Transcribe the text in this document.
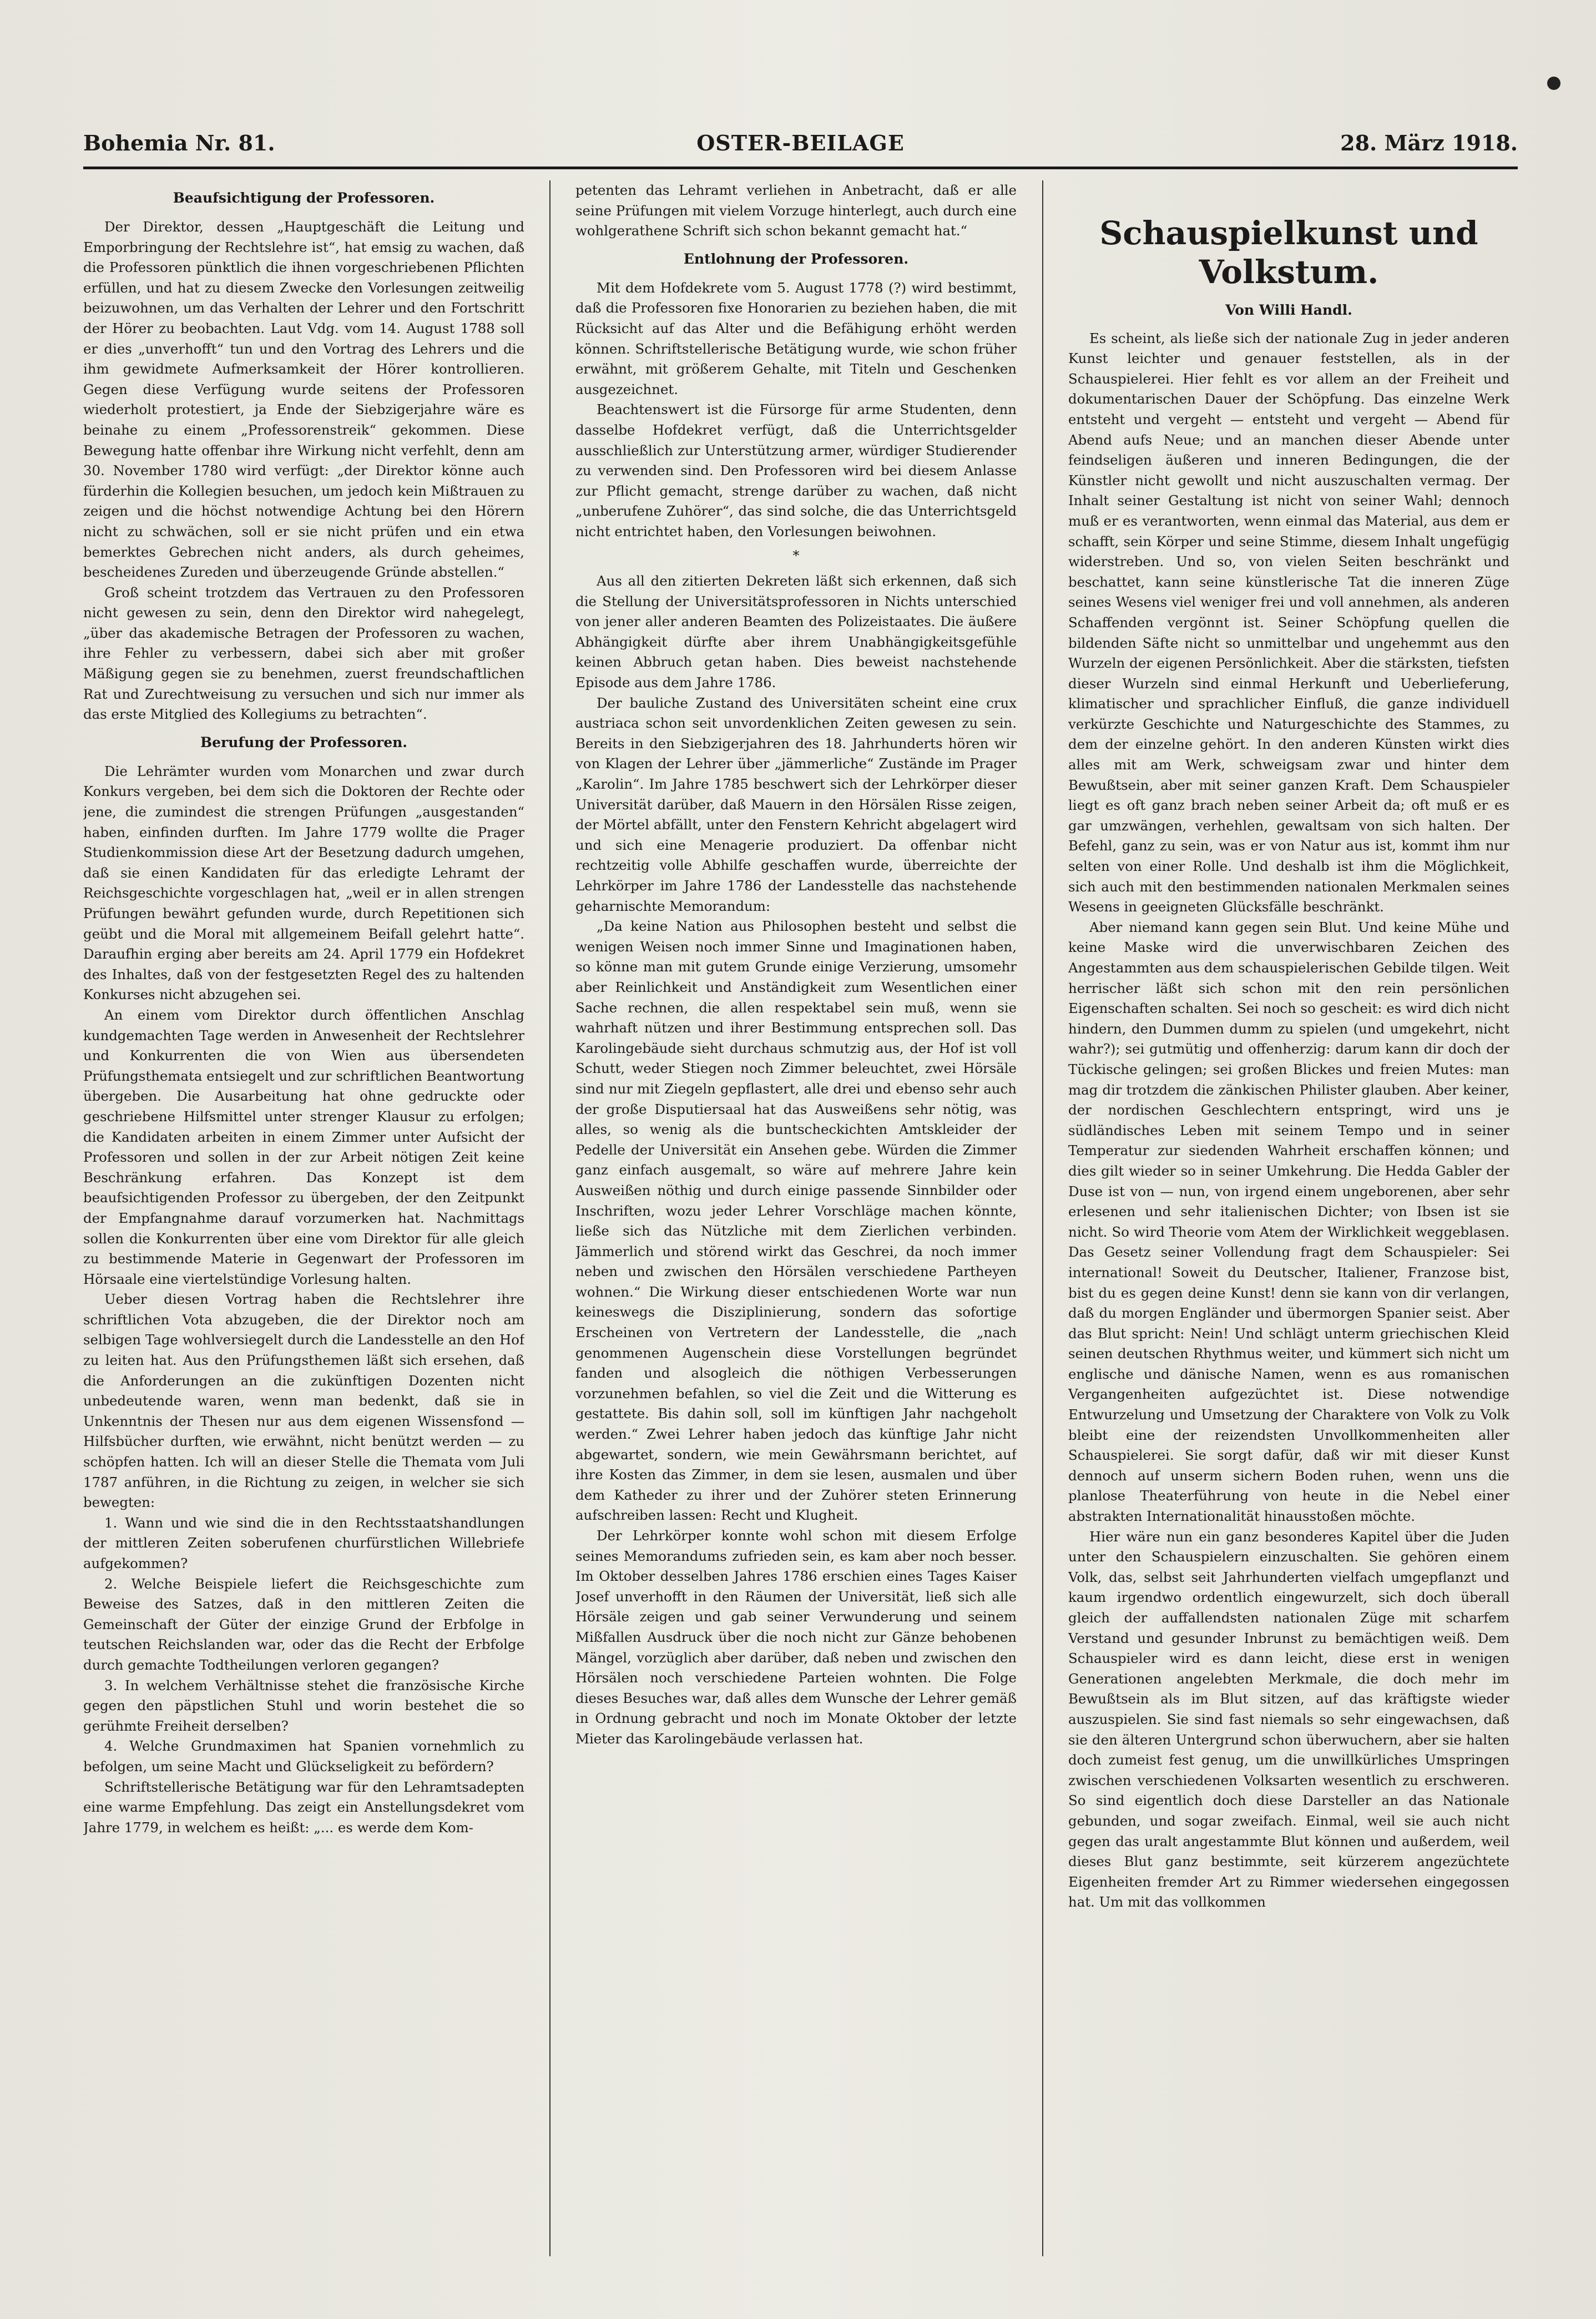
Bohemia Nr. 81.	OSTER-BEILAGE	28. März 1918.
Beaufsichtigung der Professoren.

Der Direktor, dessen „Hauptgeschäft die Leitung und Emporbringung der Rechtslehre ist“, hat emsig zu wachen, daß die Professoren pünktlich die ihnen vorgeschriebenen Pflichten erfüllen, und hat zu diesem Zwecke den Vorlesungen zeitweilig beizuwohnen, um das Verhalten der Lehrer und den Fortschritt der Hörer zu beobachten. Laut Vdg. vom 14. August 1788 soll er dies „unverhofft“ tun und den Vortrag des Lehrers und die ihm gewidmete Aufmerksamkeit der Hörer kontrollieren. Gegen diese Verfügung wurde seitens der Professoren wiederholt protestiert, ja Ende der Siebzigerjahre wäre es beinahe zu einem „Professorenstreik“ gekommen. Diese Bewegung hatte offenbar ihre Wirkung nicht verfehlt, denn am 30. November 1780 wird verfügt: „der Direktor könne auch fürderhin die Kollegien besuchen, um jedoch kein Mißtrauen zu zeigen und die höchst notwendige Achtung bei den Hörern nicht zu schwächen, soll er sie nicht prüfen und ein etwa bemerktes Gebrechen nicht anders, als durch geheimes, bescheidenes Zureden und überzeugende Gründe abstellen.“

Groß scheint trotzdem das Vertrauen zu den Professoren nicht gewesen zu sein, denn den Direktor wird nahegelegt, „über das akademische Betragen der Professoren zu wachen, ihre Fehler zu verbessern, dabei sich aber mit großer Mäßigung gegen sie zu benehmen, zuerst freundschaftlichen Rat und Zurechtweisung zu versuchen und sich nur immer als das erste Mitglied des Kollegiums zu betrachten“.

Berufung der Professoren.

Die Lehrämter wurden vom Monarchen und zwar durch Konkurs vergeben, bei dem sich die Doktoren der Rechte oder jene, die zumindest die strengen Prüfungen „ausgestanden“ haben, einfinden durften. Im Jahre 1779 wollte die Prager Studienkommission diese Art der Besetzung dadurch umgehen, daß sie einen Kandidaten für das erledigte Lehramt der Reichsgeschichte vorgeschlagen hat, „weil er in allen strengen Prüfungen bewährt gefunden wurde, durch Repetitionen sich geübt und die Moral mit allgemeinem Beifall gelehrt hatte“. Daraufhin erging aber bereits am 24. April 1779 ein Hofdekret des Inhaltes, daß von der festgesetzten Regel des zu haltenden Konkurses nicht abzugehen sei.

An einem vom Direktor durch öffentlichen Anschlag kundgemachten Tage werden in Anwesenheit der Rechtslehrer und Konkurrenten die von Wien aus übersendeten Prüfungsthemata entsiegelt und zur schriftlichen Beantwortung übergeben. Die Ausarbeitung hat ohne gedruckte oder geschriebene Hilfsmittel unter strenger Klausur zu erfolgen; die Kandidaten arbeiten in einem Zimmer unter Aufsicht der Professoren und sollen in der zur Arbeit nötigen Zeit keine Beschränkung erfahren. Das Konzept ist dem beaufsichtigenden Professor zu übergeben, der den Zeitpunkt der Empfangnahme darauf vorzumerken hat. Nachmittags sollen die Konkurrenten über eine vom Direktor für alle gleich zu bestimmende Materie in Gegenwart der Professoren im Hörsaale eine viertelstündige Vorlesung halten.

Ueber diesen Vortrag haben die Rechtslehrer ihre schriftlichen Vota abzugeben, die der Direktor noch am selbigen Tage wohlversiegelt durch die Landesstelle an den Hof zu leiten hat. Aus den Prüfungsthemen läßt sich ersehen, daß die Anforderungen an die zukünftigen Dozenten nicht unbedeutende waren, wenn man bedenkt, daß sie in Unkenntnis der Thesen nur aus dem eigenen Wissensfond — Hilfsbücher durften, wie erwähnt, nicht benützt werden — zu schöpfen hatten. Ich will an dieser Stelle die Themata vom Juli 1787 anführen, in die Richtung zu zeigen, in welcher sie sich bewegten:

1. Wann und wie sind die in den Rechtsstaatshandlungen der mittleren Zeiten soberufenen churfürstlichen Willebriefe aufgekommen?

2. Welche Beispiele liefert die Reichsgeschichte zum Beweise des Satzes, daß in den mittleren Zeiten die Gemeinschaft der Güter der einzige Grund der Erbfolge in teutschen Reichslanden war, oder das die Recht der Erbfolge durch gemachte Todtheilungen verloren gegangen?

3. In welchem Verhältnisse stehet die französische Kirche gegen den päpstlichen Stuhl und worin bestehet die so gerühmte Freiheit derselben?

4. Welche Grundmaximen hat Spanien vornehmlich zu befolgen, um seine Macht und Glückseligkeit zu befördern?

Schriftstellerische Betätigung war für den Lehramtsadepten eine warme Empfehlung. Das zeigt ein Anstellungsdekret vom Jahre 1779, in welchem es heißt: „... es werde dem Kom-

petenten das Lehramt verliehen in Anbetracht, daß er alle seine Prüfungen mit vielem Vorzuge hinterlegt, auch durch eine wohlgerathene Schrift sich schon bekannt gemacht hat.“

Entlohnung der Professoren.

Mit dem Hofdekrete vom 5. August 1778 (?) wird bestimmt, daß die Professoren fixe Honorarien zu beziehen haben, die mit Rücksicht auf das Alter und die Befähigung erhöht werden können. Schriftstellerische Betätigung wurde, wie schon früher erwähnt, mit größerem Gehalte, mit Titeln und Geschenken ausgezeichnet.

Beachtenswert ist die Fürsorge für arme Studenten, denn dasselbe Hofdekret verfügt, daß die Unterrichtsgelder ausschließlich zur Unterstützung armer, würdiger Studierender zu verwenden sind. Den Professoren wird bei diesem Anlasse zur Pflicht gemacht, strenge darüber zu wachen, daß nicht „unberufene Zuhörer“, das sind solche, die das Unterrichtsgeld nicht entrichtet haben, den Vorlesungen beiwohnen.

*

Aus all den zitierten Dekreten läßt sich erkennen, daß sich die Stellung der Universitätsprofessoren in Nichts unterschied von jener aller anderen Beamten des Polizeistaates. Die äußere Abhängigkeit dürfte aber ihrem Unabhängigkeitsgefühle keinen Abbruch getan haben. Dies beweist nachstehende Episode aus dem Jahre 1786.

Der bauliche Zustand des Universitäten scheint eine crux austriaca schon seit unvordenklichen Zeiten gewesen zu sein. Bereits in den Siebzigerjahren des 18. Jahrhunderts hören wir von Klagen der Lehrer über „jämmerliche“ Zustände im Prager „Karolin“. Im Jahre 1785 beschwert sich der Lehrkörper dieser Universität darüber, daß Mauern in den Hörsälen Risse zeigen, der Mörtel abfällt, unter den Fenstern Kehricht abgelagert wird und sich eine Menagerie produziert. Da offenbar nicht rechtzeitig volle Abhilfe geschaffen wurde, überreichte der Lehrkörper im Jahre 1786 der Landesstelle das nachstehende geharnischte Memorandum:

„Da keine Nation aus Philosophen besteht und selbst die wenigen Weisen noch immer Sinne und Imaginationen haben, so könne man mit gutem Grunde einige Verzierung, umsomehr aber Reinlichkeit und Anständigkeit zum Wesentlichen einer Sache rechnen, die allen respektabel sein muß, wenn sie wahrhaft nützen und ihrer Bestimmung entsprechen soll. Das Karolingebäude sieht durchaus schmutzig aus, der Hof ist voll Schutt, weder Stiegen noch Zimmer beleuchtet, zwei Hörsäle sind nur mit Ziegeln gepflastert, alle drei und ebenso sehr auch der große Disputiersaal hat das Ausweißens sehr nötig, was alles, so wenig als die buntscheckichten Amtskleider der Pedelle der Universität ein Ansehen gebe. Würden die Zimmer ganz einfach ausgemalt, so wäre auf mehrere Jahre kein Ausweißen nöthig und durch einige passende Sinnbilder oder Inschriften, wozu jeder Lehrer Vorschläge machen könnte, ließe sich das Nützliche mit dem Zierlichen verbinden. Jämmerlich und störend wirkt das Geschrei, da noch immer neben und zwischen den Hörsälen verschiedene Partheyen wohnen.“ Die Wirkung dieser entschiedenen Worte war nun keineswegs die Disziplinierung, sondern das sofortige Erscheinen von Vertretern der Landesstelle, die „nach genommenen Augenschein diese Vorstellungen begründet fanden und alsogleich die nöthigen Verbesserungen vorzunehmen befahlen, so viel die Zeit und die Witterung es gestattete. Bis dahin soll, soll im künftigen Jahr nachgeholt werden.“ Zwei Lehrer haben jedoch das künftige Jahr nicht abgewartet, sondern, wie mein Gewährsmann berichtet, auf ihre Kosten das Zimmer, in dem sie lesen, ausmalen und über dem Katheder zu ihrer und der Zuhörer steten Erinnerung aufschreiben lassen: Recht und Klugheit.

Der Lehrkörper konnte wohl schon mit diesem Erfolge seines Memorandums zufrieden sein, es kam aber noch besser. Im Oktober desselben Jahres 1786 erschien eines Tages Kaiser Josef unverhofft in den Räumen der Universität, ließ sich alle Hörsäle zeigen und gab seiner Verwunderung und seinem Mißfallen Ausdruck über die noch nicht zur Gänze behobenen Mängel, vorzüglich aber darüber, daß neben und zwischen den Hörsälen noch verschiedene Parteien wohnten. Die Folge dieses Besuches war, daß alles dem Wunsche der Lehrer gemäß in Ordnung gebracht und noch im Monate Oktober der letzte Mieter das Karolingebäude verlassen hat.

Schauspielkunst und Volkstum.
Von Willi Handl.

Es scheint, als ließe sich der nationale Zug in jeder anderen Kunst leichter und genauer feststellen, als in der Schauspielerei. Hier fehlt es vor allem an der Freiheit und dokumentarischen Dauer der Schöpfung. Das einzelne Werk entsteht und vergeht — entsteht und vergeht — Abend für Abend aufs Neue; und an manchen dieser Abende unter feindseligen äußeren und inneren Bedingungen, die der Künstler nicht gewollt und nicht auszuschalten vermag. Der Inhalt seiner Gestaltung ist nicht von seiner Wahl; dennoch muß er es verantworten, wenn einmal das Material, aus dem er schafft, sein Körper und seine Stimme, diesem Inhalt ungefügig widerstreben. Und so, von vielen Seiten beschränkt und beschattet, kann seine künstlerische Tat die inneren Züge seines Wesens viel weniger frei und voll annehmen, als anderen Schaffenden vergönnt ist. Seiner Schöpfung quellen die bildenden Säfte nicht so unmittelbar und ungehemmt aus den Wurzeln der eigenen Persönlichkeit. Aber die stärksten, tiefsten dieser Wurzeln sind einmal Herkunft und Ueberlieferung, klimatischer und sprachlicher Einfluß, die ganze individuell verkürzte Geschichte und Naturgeschichte des Stammes, zu dem der einzelne gehört. In den anderen Künsten wirkt dies alles mit am Werk, schweigsam zwar und hinter dem Bewußtsein, aber mit seiner ganzen Kraft. Dem Schauspieler liegt es oft ganz brach neben seiner Arbeit da; oft muß er es gar umzwängen, verhehlen, gewaltsam von sich halten. Der Befehl, ganz zu sein, was er von Natur aus ist, kommt ihm nur selten von einer Rolle. Und deshalb ist ihm die Möglichkeit, sich auch mit den bestimmenden nationalen Merkmalen seines Wesens in geeigneten Glücksfälle beschränkt.

Aber niemand kann gegen sein Blut. Und keine Mühe und keine Maske wird die unverwischbaren Zeichen des Angestammten aus dem schauspielerischen Gebilde tilgen. Weit herrischer läßt sich schon mit den rein persönlichen Eigenschaften schalten. Sei noch so gescheit: es wird dich nicht hindern, den Dummen dumm zu spielen (und umgekehrt, nicht wahr?); sei gutmütig und offenherzig: darum kann dir doch der Tückische gelingen; sei großen Blickes und freien Mutes: man mag dir trotzdem die zänkischen Philister glauben. Aber keiner, der nordischen Geschlechtern entspringt, wird uns je südländisches Leben mit seinem Tempo und in seiner Temperatur zur siedenden Wahrheit erschaffen können; und dies gilt wieder so in seiner Umkehrung. Die Hedda Gabler der Duse ist von — nun, von irgend einem ungeborenen, aber sehr erlesenen und sehr italienischen Dichter; von Ibsen ist sie nicht. So wird Theorie vom Atem der Wirklichkeit weggeblasen. Das Gesetz seiner Vollendung fragt dem Schauspieler: Sei international! Soweit du Deutscher, Italiener, Franzose bist, bist du es gegen deine Kunst! denn sie kann von dir verlangen, daß du morgen Engländer und übermorgen Spanier seist. Aber das Blut spricht: Nein! Und schlägt unterm griechischen Kleid seinen deutschen Rhythmus weiter, und kümmert sich nicht um englische und dänische Namen, wenn es aus romanischen Vergangenheiten aufgezüchtet ist. Diese notwendige Entwurzelung und Umsetzung der Charaktere von Volk zu Volk bleibt eine der reizendsten Unvollkommenheiten aller Schauspielerei. Sie sorgt dafür, daß wir mit dieser Kunst dennoch auf unserm sichern Boden ruhen, wenn uns die planlose Theaterführung von heute in die Nebel einer abstrakten Internationalität hinausstoßen möchte.

Hier wäre nun ein ganz besonderes Kapitel über die Juden unter den Schauspielern einzuschalten. Sie gehören einem Volk, das, selbst seit Jahrhunderten vielfach umgepflanzt und kaum irgendwo ordentlich eingewurzelt, sich doch überall gleich der auffallendsten nationalen Züge mit scharfem Verstand und gesunder Inbrunst zu bemächtigen weiß. Dem Schauspieler wird es dann leicht, diese erst in wenigen Generationen angelebten Merkmale, die doch mehr im Bewußtsein als im Blut sitzen, auf das kräftigste wieder auszuspielen. Sie sind fast niemals so sehr eingewachsen, daß sie den älteren Untergrund schon überwuchern, aber sie halten doch zumeist fest genug, um die unwillkürliches Umspringen zwischen verschiedenen Volksarten wesentlich zu erschweren. So sind eigentlich doch diese Darsteller an das Nationale gebunden, und sogar zweifach. Einmal, weil sie auch nicht gegen das uralt angestammte Blut können und außerdem, weil dieses Blut ganz bestimmte, seit kürzerem angezüchtete Eigenheiten fremder Art zu Rimmer wiedersehen eingegossen hat. Um mit das vollkommen
